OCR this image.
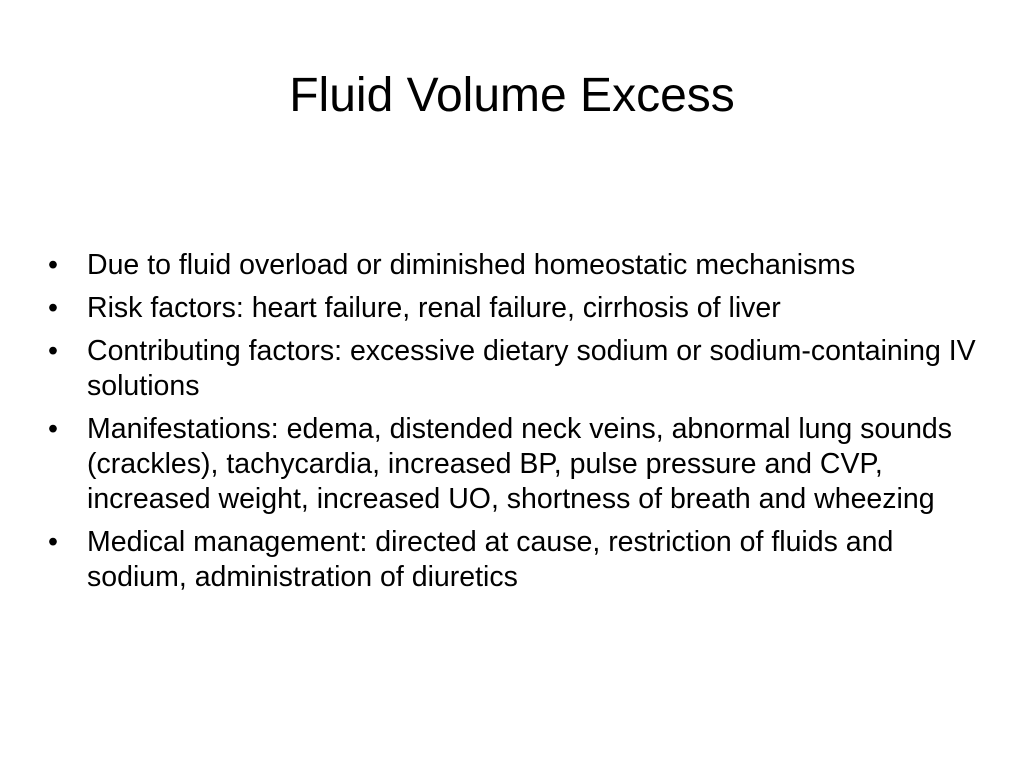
Fluid Volume Excess
•	Due to fluid overload or diminished homeostatic mechanisms
•	Risk factors: heart failure, renal failure, cirrhosis of liver
•	Contributing factors: excessive dietary sodium or sodium-containing IV solutions
•	Manifestations: edema, distended neck veins, abnormal lung sounds (crackles), tachycardia, increased BP, pulse pressure and CVP, increased weight, increased UO, shortness of breath and wheezing
•	Medical management: directed at cause, restriction of fluids and sodium, administration of diuretics
